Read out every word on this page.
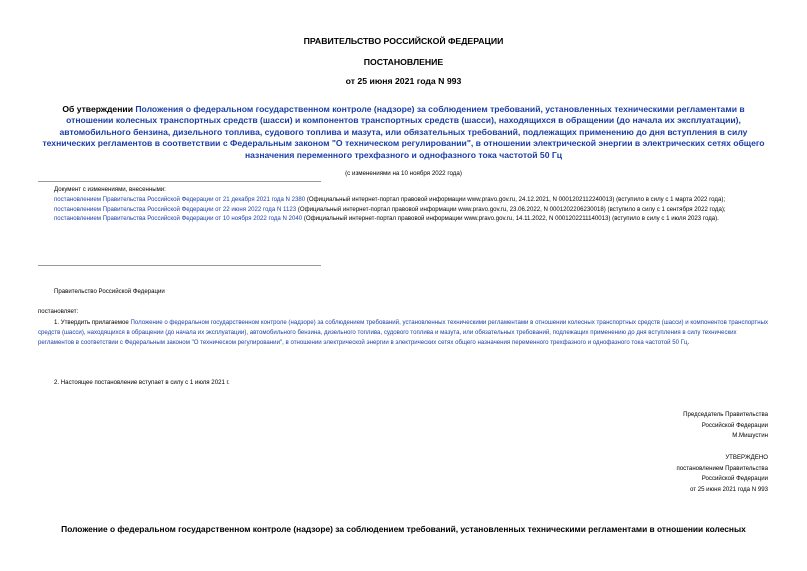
ПРАВИТЕЛЬСТВО РОССИЙСКОЙ ФЕДЕРАЦИИ
ПОСТАНОВЛЕНИЕ
от 25 июня 2021 года N 993
Об утверждении Положения о федеральном государственном контроле (надзоре) за соблюдением требований, установленных техническими регламентами в отношении колесных транспортных средств (шасси) и компонентов транспортных средств (шасси), находящихся в обращении (до начала их эксплуатации), автомобильного бензина, дизельного топлива, судового топлива и мазута, или обязательных требований, подлежащих применению до дня вступления в силу технических регламентов в соответствии с Федеральным законом "О техническом регулировании", в отношении электрической энергии в электрических сетях общего назначения переменного трехфазного и однофазного тока частотой 50 Гц
(с изменениями на 10 ноября 2022 года)

Документ с изменениями, внесенными:

постановлением Правительства Российской Федерации от 21 декабря 2021 года N 2380 (Официальный интернет-портал правовой информации www.pravo.gov.ru, 24.12.2021, N 0001202112240013) (вступило в силу с 1 марта 2022 года);

постановлением Правительства Российской Федерации от 22 июня 2022 года N 1123 (Официальный интернет-портал правовой информации www.pravo.gov.ru, 23.06.2022, N 0001202206230018) (вступило в силу с 1 сентября 2022 года);

постановлением Правительства Российской Федерации от 10 ноября 2022 года N 2040 (Официальный интернет-портал правовой информации www.pravo.gov.ru, 14.11.2022, N 0001202211140013) (вступило в силу с 1 июля 2023 года).

Правительство Российской Федерации
постановляет:
1. Утвердить прилагаемое Положение о федеральном государственном контроле (надзоре) за соблюдением требований, установленных техническими регламентами в отношении колесных транспортных средств (шасси) и компонентов транспортных средств (шасси), находящихся в обращении (до начала их эксплуатации), автомобильного бензина, дизельного топлива, судового топлива и мазута, или обязательных требований, подлежащих применению до дня вступления в силу технических регламентов в соответствии с Федеральным законом "О техническом регулировании", в отношении электрической энергии в электрических сетях общего назначения переменного трехфазного и однофазного тока частотой 50 Гц.
2. Настоящее постановление вступает в силу с 1 июля 2021 г.
Председатель Правительства
Российской Федерации
М.Мишустин
УТВЕРЖДЕНО
постановлением Правительства
Российской Федерации
от 25 июня 2021 года N 993
Положение о федеральном государственном контроле (надзоре) за соблюдением требований, установленных техническими регламентами в отношении колесных
